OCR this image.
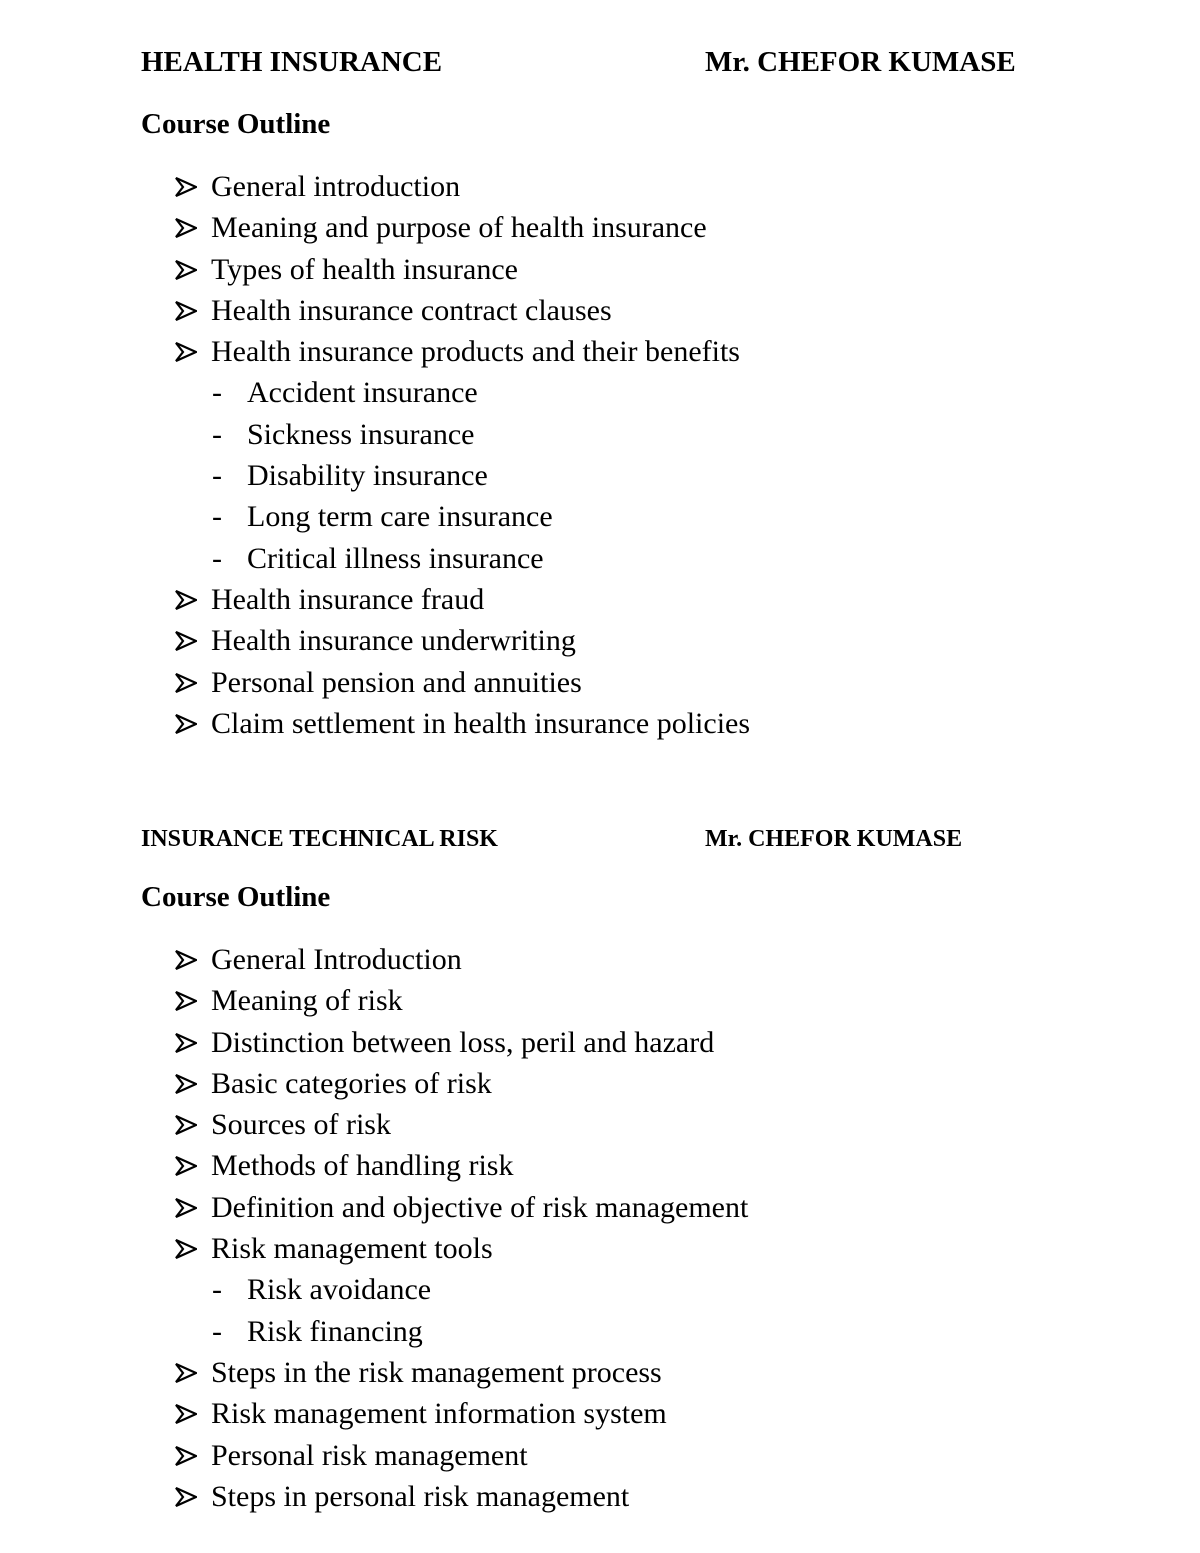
HEALTH INSURANCE	Mr. CHEFOR KUMASE
Course Outline
General introduction
Meaning and purpose of health insurance
Types of health insurance
Health insurance contract clauses
Health insurance products and their benefits
- Accident insurance
- Sickness insurance
- Disability insurance
- Long term care insurance
- Critical illness insurance
Health insurance fraud
Health insurance underwriting
Personal pension and annuities
Claim settlement in health insurance policies
INSURANCE TECHNICAL RISK	Mr. CHEFOR KUMASE
Course Outline
General Introduction
Meaning of risk
Distinction between loss, peril and hazard
Basic categories of risk
Sources of risk
Methods of handling risk
Definition and objective of risk management
Risk management tools
- Risk avoidance
- Risk financing
Steps in the risk management process
Risk management information system
Personal risk management
Steps in personal risk management
